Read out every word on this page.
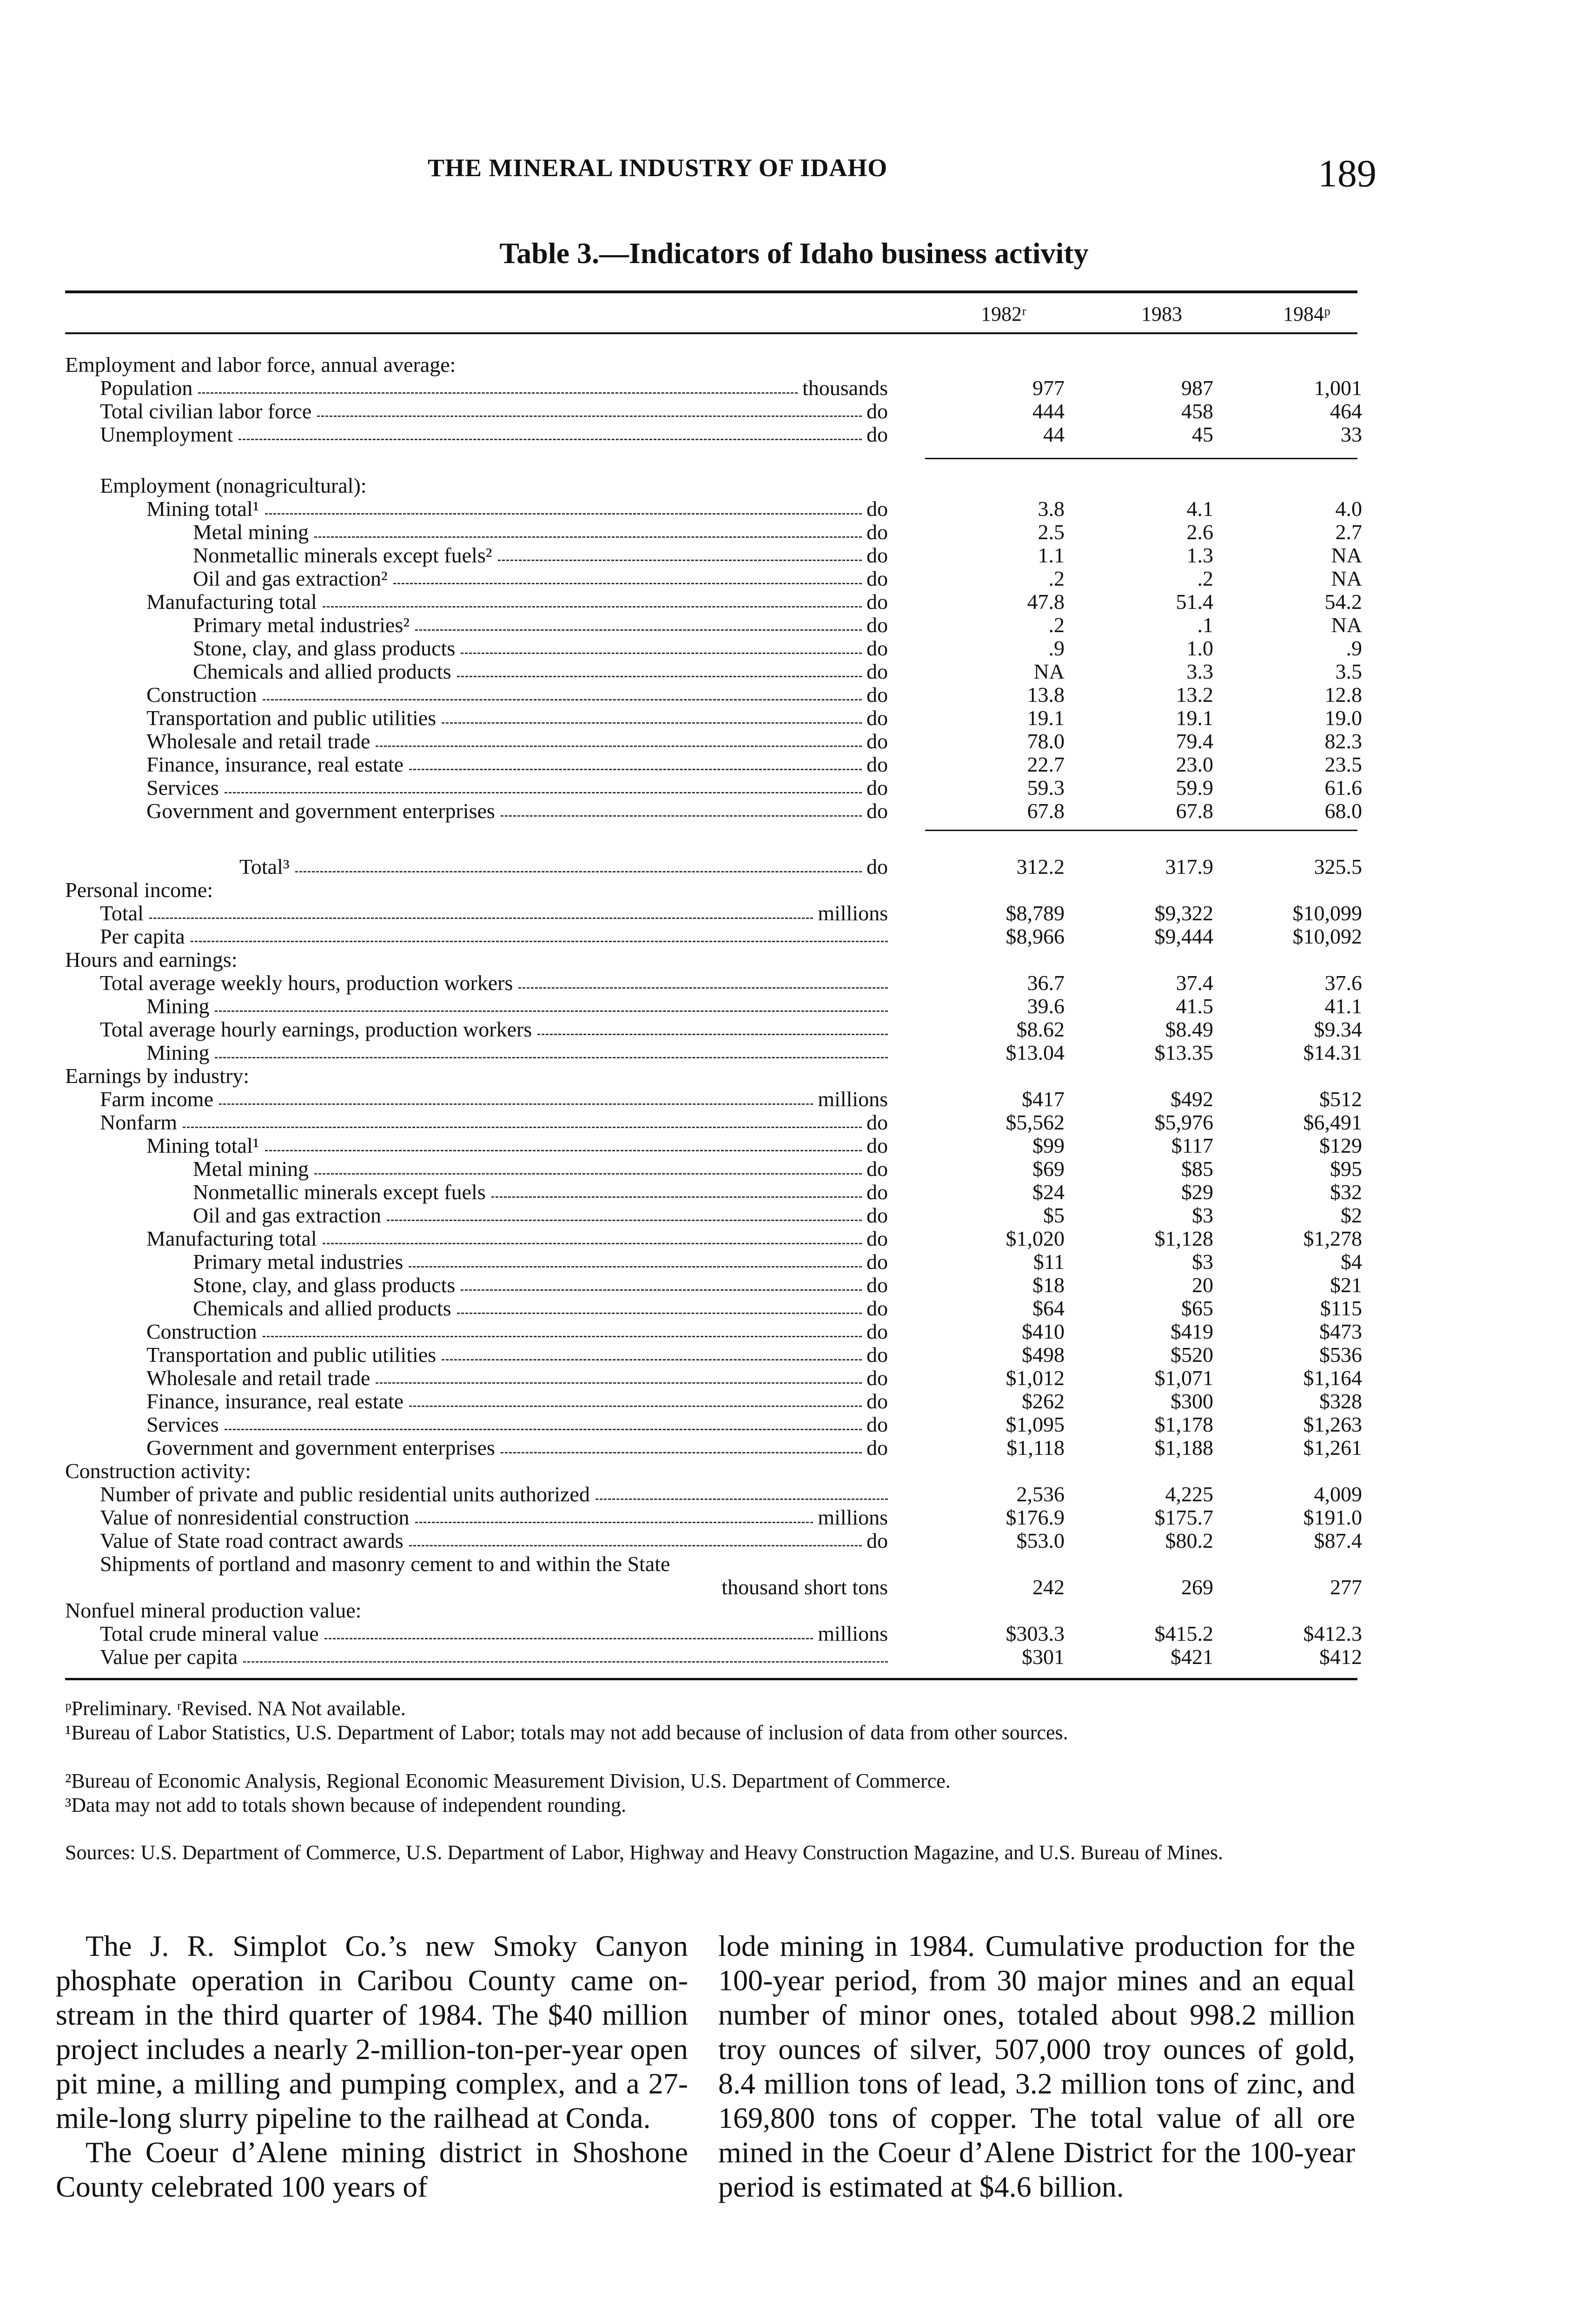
THE MINERAL INDUSTRY OF IDAHO	189
Table 3.—Indicators of Idaho business activity
1982ʳ	1983	1984ᵖ
Employment and labor force, annual average:
Population	thousands	977	987	1,001
Total civilian labor force	do	444	458	464
Unemployment	do	44	45	33
Employment (nonagricultural):
Mining total¹	do	3.8	4.1	4.0
Metal mining	do	2.5	2.6	2.7
Nonmetallic minerals except fuels²	do	1.1	1.3	NA
Oil and gas extraction²	do	.2	.2	NA
Manufacturing total	do	47.8	51.4	54.2
Primary metal industries²	do	.2	.1	NA
Stone, clay, and glass products	do	.9	1.0	.9
Chemicals and allied products	do	NA	3.3	3.5
Construction	do	13.8	13.2	12.8
Transportation and public utilities	do	19.1	19.1	19.0
Wholesale and retail trade	do	78.0	79.4	82.3
Finance, insurance, real estate	do	22.7	23.0	23.5
Services	do	59.3	59.9	61.6
Government and government enterprises	do	67.8	67.8	68.0
Total³	do	312.2	317.9	325.5
Personal income:
Total	millions	$8,789	$9,322	$10,099
Per capita	$8,966	$9,444	$10,092
Hours and earnings:
Total average weekly hours, production workers	36.7	37.4	37.6
Mining	39.6	41.5	41.1
Total average hourly earnings, production workers	$8.62	$8.49	$9.34
Mining	$13.04	$13.35	$14.31
Earnings by industry:
Farm income	millions	$417	$492	$512
Nonfarm	do	$5,562	$5,976	$6,491
Mining total¹	do	$99	$117	$129
Metal mining	do	$69	$85	$95
Nonmetallic minerals except fuels	do	$24	$29	$32
Oil and gas extraction	do	$5	$3	$2
Manufacturing total	do	$1,020	$1,128	$1,278
Primary metal industries	do	$11	$3	$4
Stone, clay, and glass products	do	$18	20	$21
Chemicals and allied products	do	$64	$65	$115
Construction	do	$410	$419	$473
Transportation and public utilities	do	$498	$520	$536
Wholesale and retail trade	do	$1,012	$1,071	$1,164
Finance, insurance, real estate	do	$262	$300	$328
Services	do	$1,095	$1,178	$1,263
Government and government enterprises	do	$1,118	$1,188	$1,261
Construction activity:
Number of private and public residential units authorized	2,536	4,225	4,009
Value of nonresidential construction	millions	$176.9	$175.7	$191.0
Value of State road contract awards	do	$53.0	$80.2	$87.4
Shipments of portland and masonry cement to and within the State
thousand short tons	242	269	277
Nonfuel mineral production value:
Total crude mineral value	millions	$303.3	$415.2	$412.3
Value per capita	$301	$421	$412
ᵖPreliminary. ʳRevised. NA Not available.
¹Bureau of Labor Statistics, U.S. Department of Labor; totals may not add because of inclusion of data from other sources.
²Bureau of Economic Analysis, Regional Economic Measurement Division, U.S. Department of Commerce.
³Data may not add to totals shown because of independent rounding.
Sources: U.S. Department of Commerce, U.S. Department of Labor, Highway and Heavy Construction Magazine, and U.S. Bureau of Mines.

The J. R. Simplot Co.’s new Smoky Canyon phosphate operation in Caribou County came on-stream in the third quarter of 1984. The $40 million project includes a nearly 2-million-ton-per-year open pit mine, a milling and pumping complex, and a 27-mile-long slurry pipeline to the railhead at Conda.

The Coeur d’Alene mining district in Shoshone County celebrated 100 years of

lode mining in 1984. Cumulative production for the 100-year period, from 30 major mines and an equal number of minor ones, totaled about 998.2 million troy ounces of silver, 507,000 troy ounces of gold, 8.4 million tons of lead, 3.2 million tons of zinc, and 169,800 tons of copper. The total value of all ore mined in the Coeur d’Alene District for the 100-year period is estimated at $4.6 billion.
